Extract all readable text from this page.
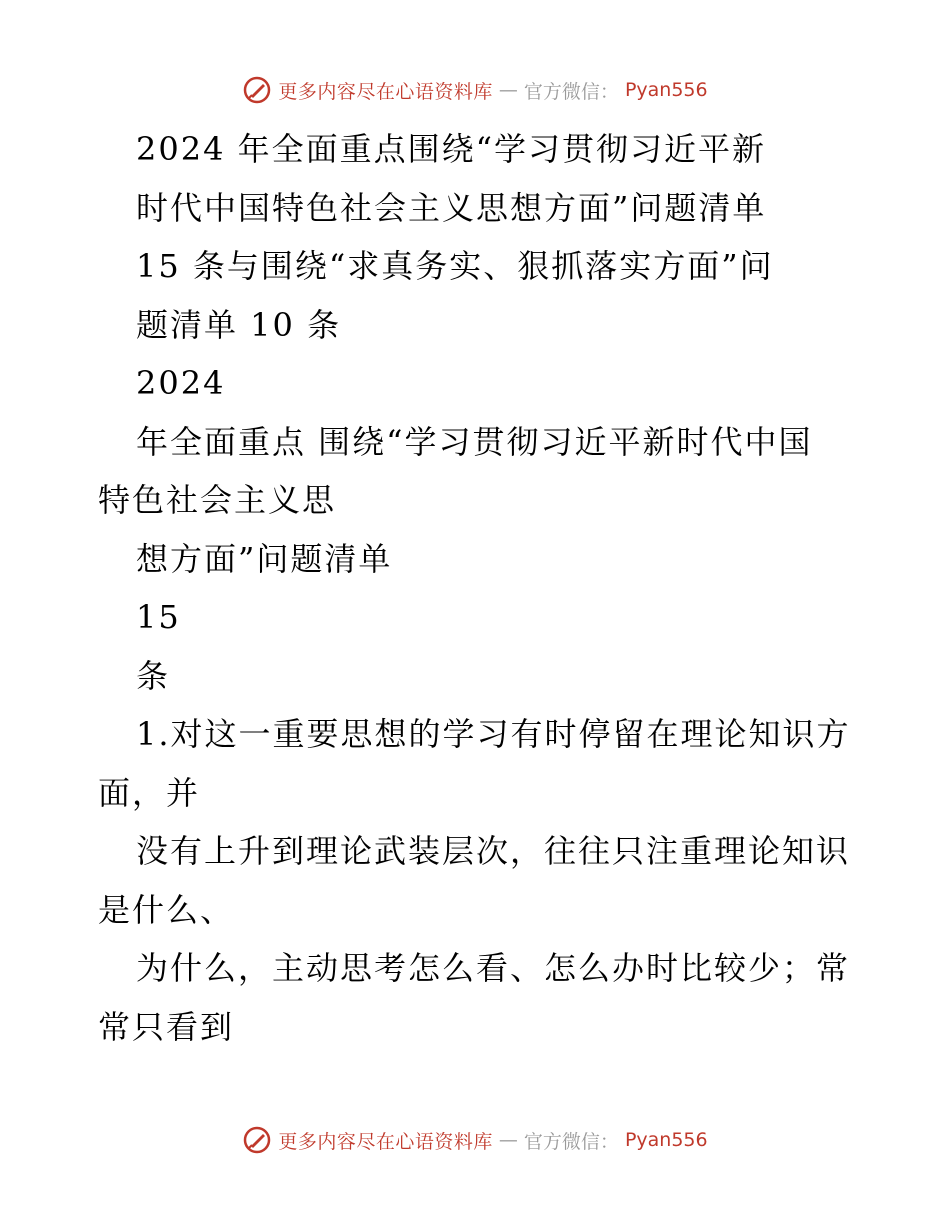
更多内容尽在心语资料库 — 官方微信： Pyan556
2024 年全面重点围绕“学习贯彻习近平新
时代中国特色社会主义思想方面”问题清单
15 条与围绕“求真务实、狠抓落实方面”问
题清单 10 条
2024
年全面重点 围绕“学习贯彻习近平新时代中国
特色社会主义思
想方面”问题清单
15
条
1.对这一重要思想的学习有时停留在理论知识方
面，并
没有上升到理论武装层次，往往只注重理论知识
是什么、
为什么，主动思考怎么看、怎么办时比较少；常
常只看到
更多内容尽在心语资料库 — 官方微信： Pyan556
